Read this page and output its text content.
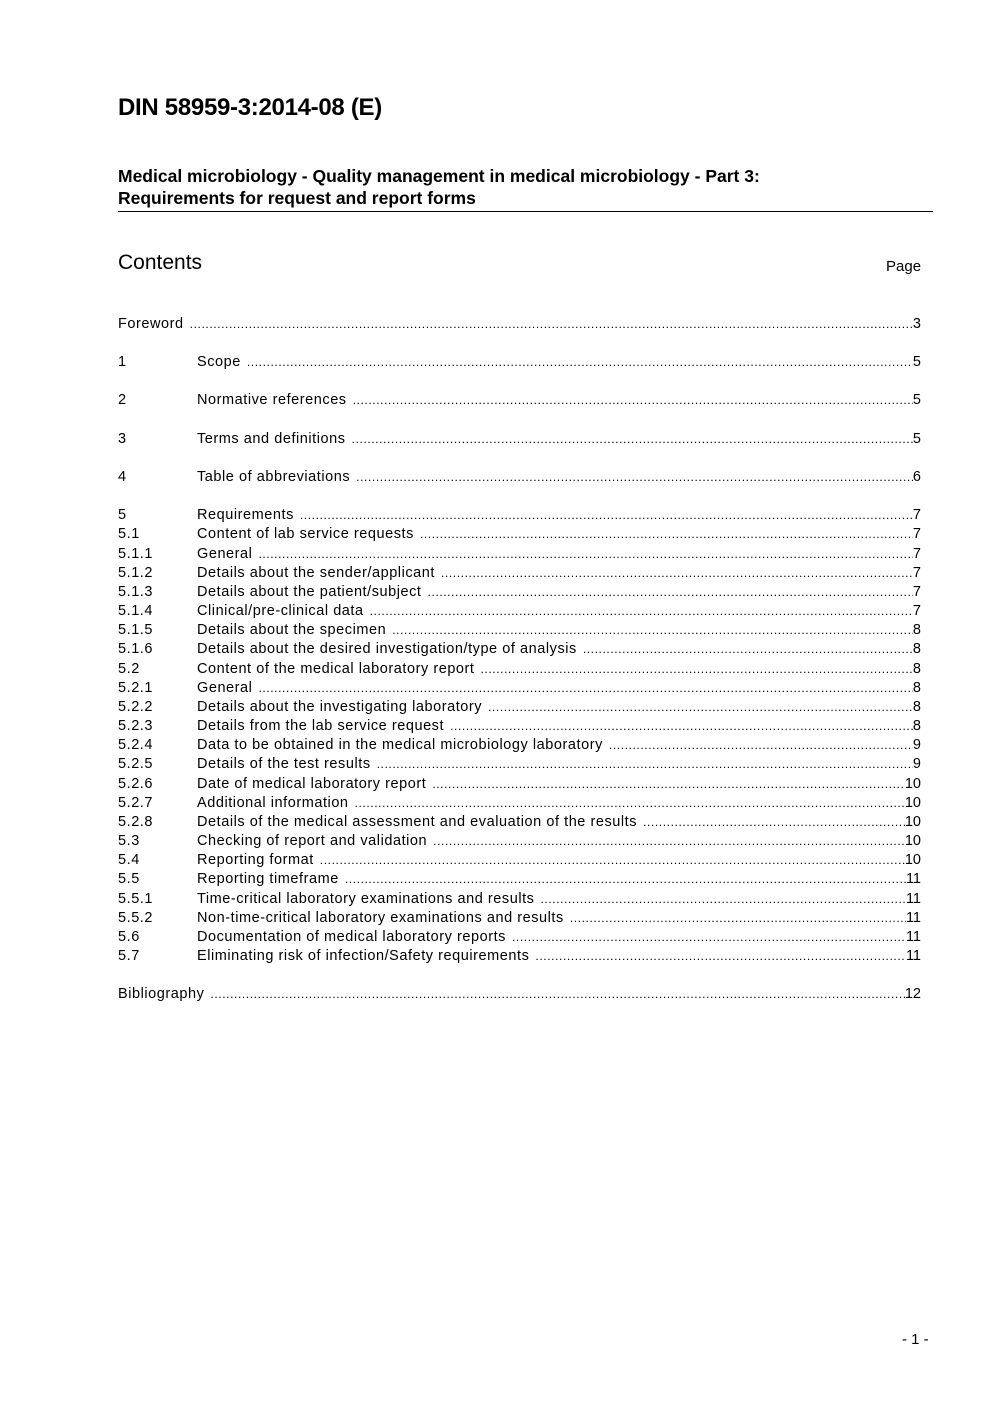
DIN 58959-3:2014-08 (E)
Medical microbiology - Quality management in medical microbiology - Part 3:
Requirements for request and report forms
Contents	Page
Foreword .....	3
1	Scope .....	5
2	Normative references .....	5
3	Terms and definitions .....	5
4	Table of abbreviations .....	6
5	Requirements .....	7
5.1	Content of lab service requests .....	7
5.1.1	General .....	7
5.1.2	Details about the sender/applicant .....	7
5.1.3	Details about the patient/subject .....	7
5.1.4	Clinical/pre-clinical data .....	7
5.1.5	Details about the specimen .....	8
5.1.6	Details about the desired investigation/type of analysis .....	8
5.2	Content of the medical laboratory report .....	8
5.2.1	General .....	8
5.2.2	Details about the investigating laboratory .....	8
5.2.3	Details from the lab service request .....	8
5.2.4	Data to be obtained in the medical microbiology laboratory .....	9
5.2.5	Details of the test results .....	9
5.2.6	Date of medical laboratory report .....	10
5.2.7	Additional information .....	10
5.2.8	Details of the medical assessment and evaluation of the results .....	10
5.3	Checking of report and validation .....	10
5.4	Reporting format .....	10
5.5	Reporting timeframe .....	11
5.5.1	Time-critical laboratory examinations and results .....	11
5.5.2	Non-time-critical laboratory examinations and results .....	11
5.6	Documentation of medical laboratory reports .....	11
5.7	Eliminating risk of infection/Safety requirements .....	11
Bibliography .....	12
- 1 -
